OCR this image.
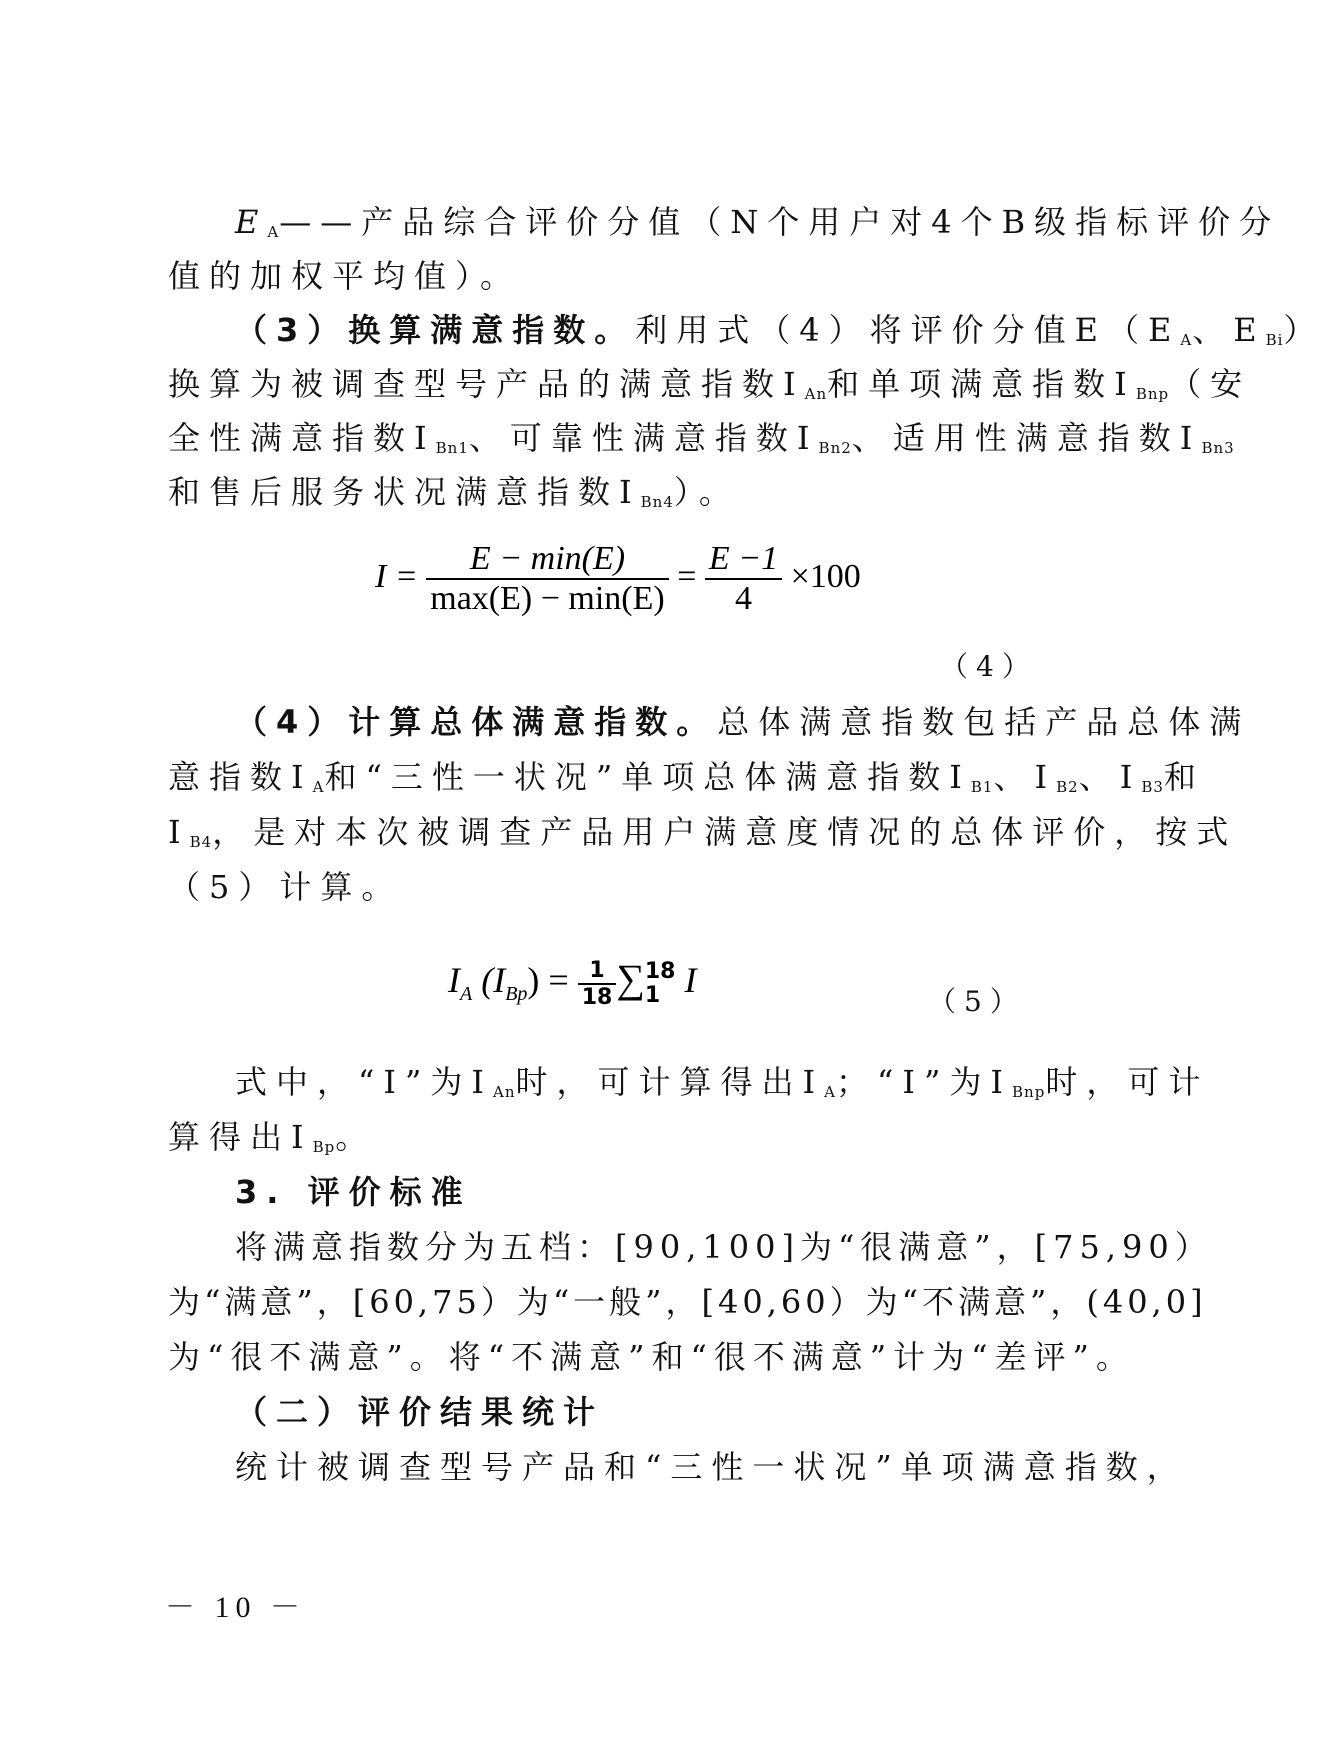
$E_A——$产品综合评价分值（N个用户对4个B级指标评价分
值的加权平均值）。
（3）换算满意指数。利用式（4）将评价分值$E(E_A$、$E_{Bi}$）
换算为被调查型号产品的满意指数$I_{An}$和单项满意指数$I_{Bnp}$（安
全性满意指数$I_{Bn1}$、可靠性满意指数$I_{Bn2}$、适用性满意指数$I_{Bn3}$
和售后服务状况满意指数$I_{Bn4}$）。
$I = \frac{E - \min(E)}{\max(E) - \min(E)} = \frac{E -1}{4} \times 100$
（4）
（4）计算总体满意指数。总体满意指数包括产品总体满
意指数$I_A$和“三性一状况”单项总体满意指数$I_{B1}$、$I_{B2}$、$I_{B3}$和
$I_{B4}$，是对本次被调查产品用户满意度情况的总体评价，按式
（5）计算。
$I_A$ $(I_{Bp}) = \frac{1}{18}$ ∑ 18
1 I
（5）
式中，“I”为$I_{An}$时，可计算得出$I_A$；“I”为$I_{Bnp}$时，可计
算得出$I_{Bp}$。
3. 评价标准
将满意指数分为五档：[90,100]为“很满意”，[75,90）
为“满意”，[60,75）为“一般”，[40,60）为“不满意”，(40,0]
为“很不满意”。将“不满意”和“很不满意”计为“差评”。
（二）评价结果统计
统计被调查型号产品和“三性一状况”单项满意指数，
－ 10 －
